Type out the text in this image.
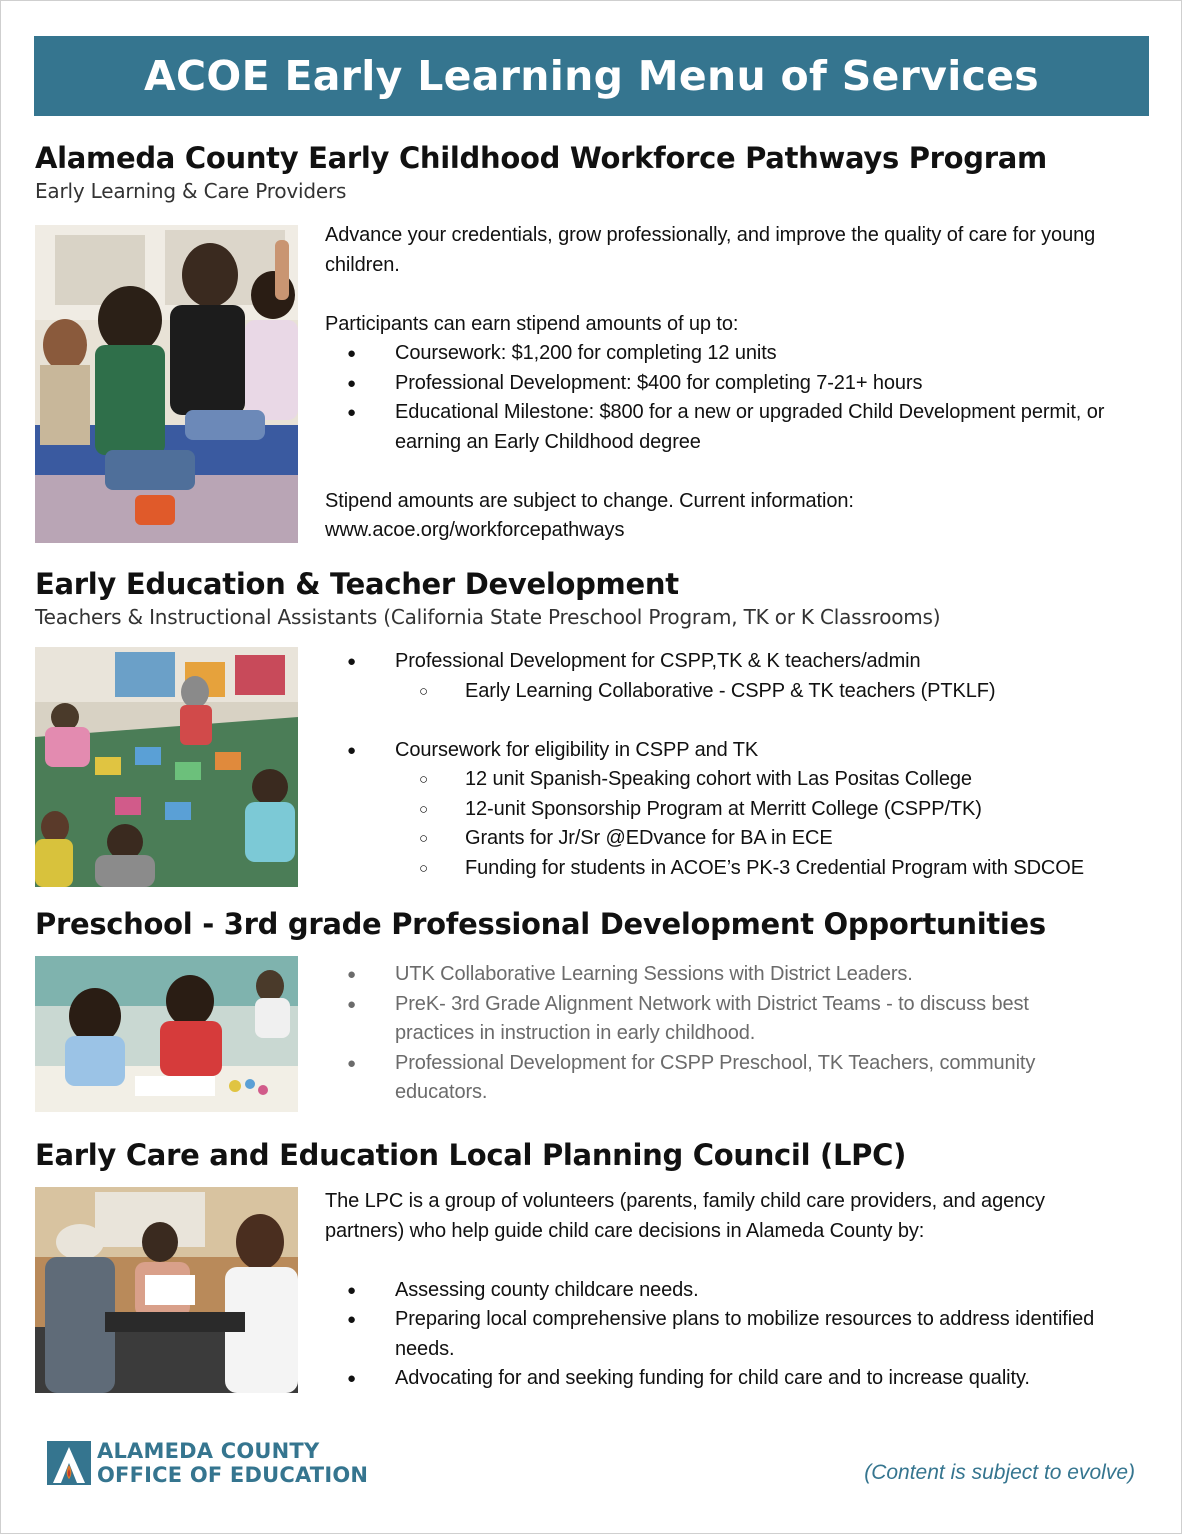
ACOE Early Learning Menu of Services
Alameda County Early Childhood Workforce Pathways Program
Early Learning & Care Providers

Advance your credentials, grow professionally, and improve the quality of care for young children.

Participants can earn stipend amounts of up to:

● Coursework: $1,200 for completing 12 units
● Professional Development: $400 for completing 7-21+ hours
● Educational Milestone: $800 for a new or upgraded Child Development permit, or earning an Early Childhood degree

Stipend amounts are subject to change. Current information:

www.acoe.org/workforcepathways

Early Education & Teacher Development
Teachers & Instructional Assistants (California State Preschool Program, TK or K Classrooms)
● Professional Development for CSPP,TK & K teachers/admin
○ Early Learning Collaborative - CSPP & TK teachers (PTKLF)
● Coursework for eligibility in CSPP and TK
○ 12 unit Spanish-Speaking cohort with Las Positas College
○ 12-unit Sponsorship Program at Merritt College (CSPP/TK)
○ Grants for Jr/Sr @EDvance for BA in ECE
○ Funding for students in ACOE’s PK-3 Credential Program with SDCOE
Preschool - 3rd grade Professional Development Opportunities
● UTK Collaborative Learning Sessions with District Leaders.
● PreK- 3rd Grade Alignment Network with District Teams - to discuss best practices in instruction in early childhood.
● Professional Development for CSPP Preschool, TK Teachers, community educators.
Early Care and Education Local Planning Council (LPC)

The LPC is a group of volunteers (parents, family child care providers, and agency partners) who help guide child care decisions in Alameda County by:

● Assessing county childcare needs.
● Preparing local comprehensive plans to mobilize resources to address identified needs.
● Advocating for and seeking funding for child care and to increase quality.
ALAMEDA COUNTY
OFFICE OF EDUCATION	(Content is subject to evolve)
